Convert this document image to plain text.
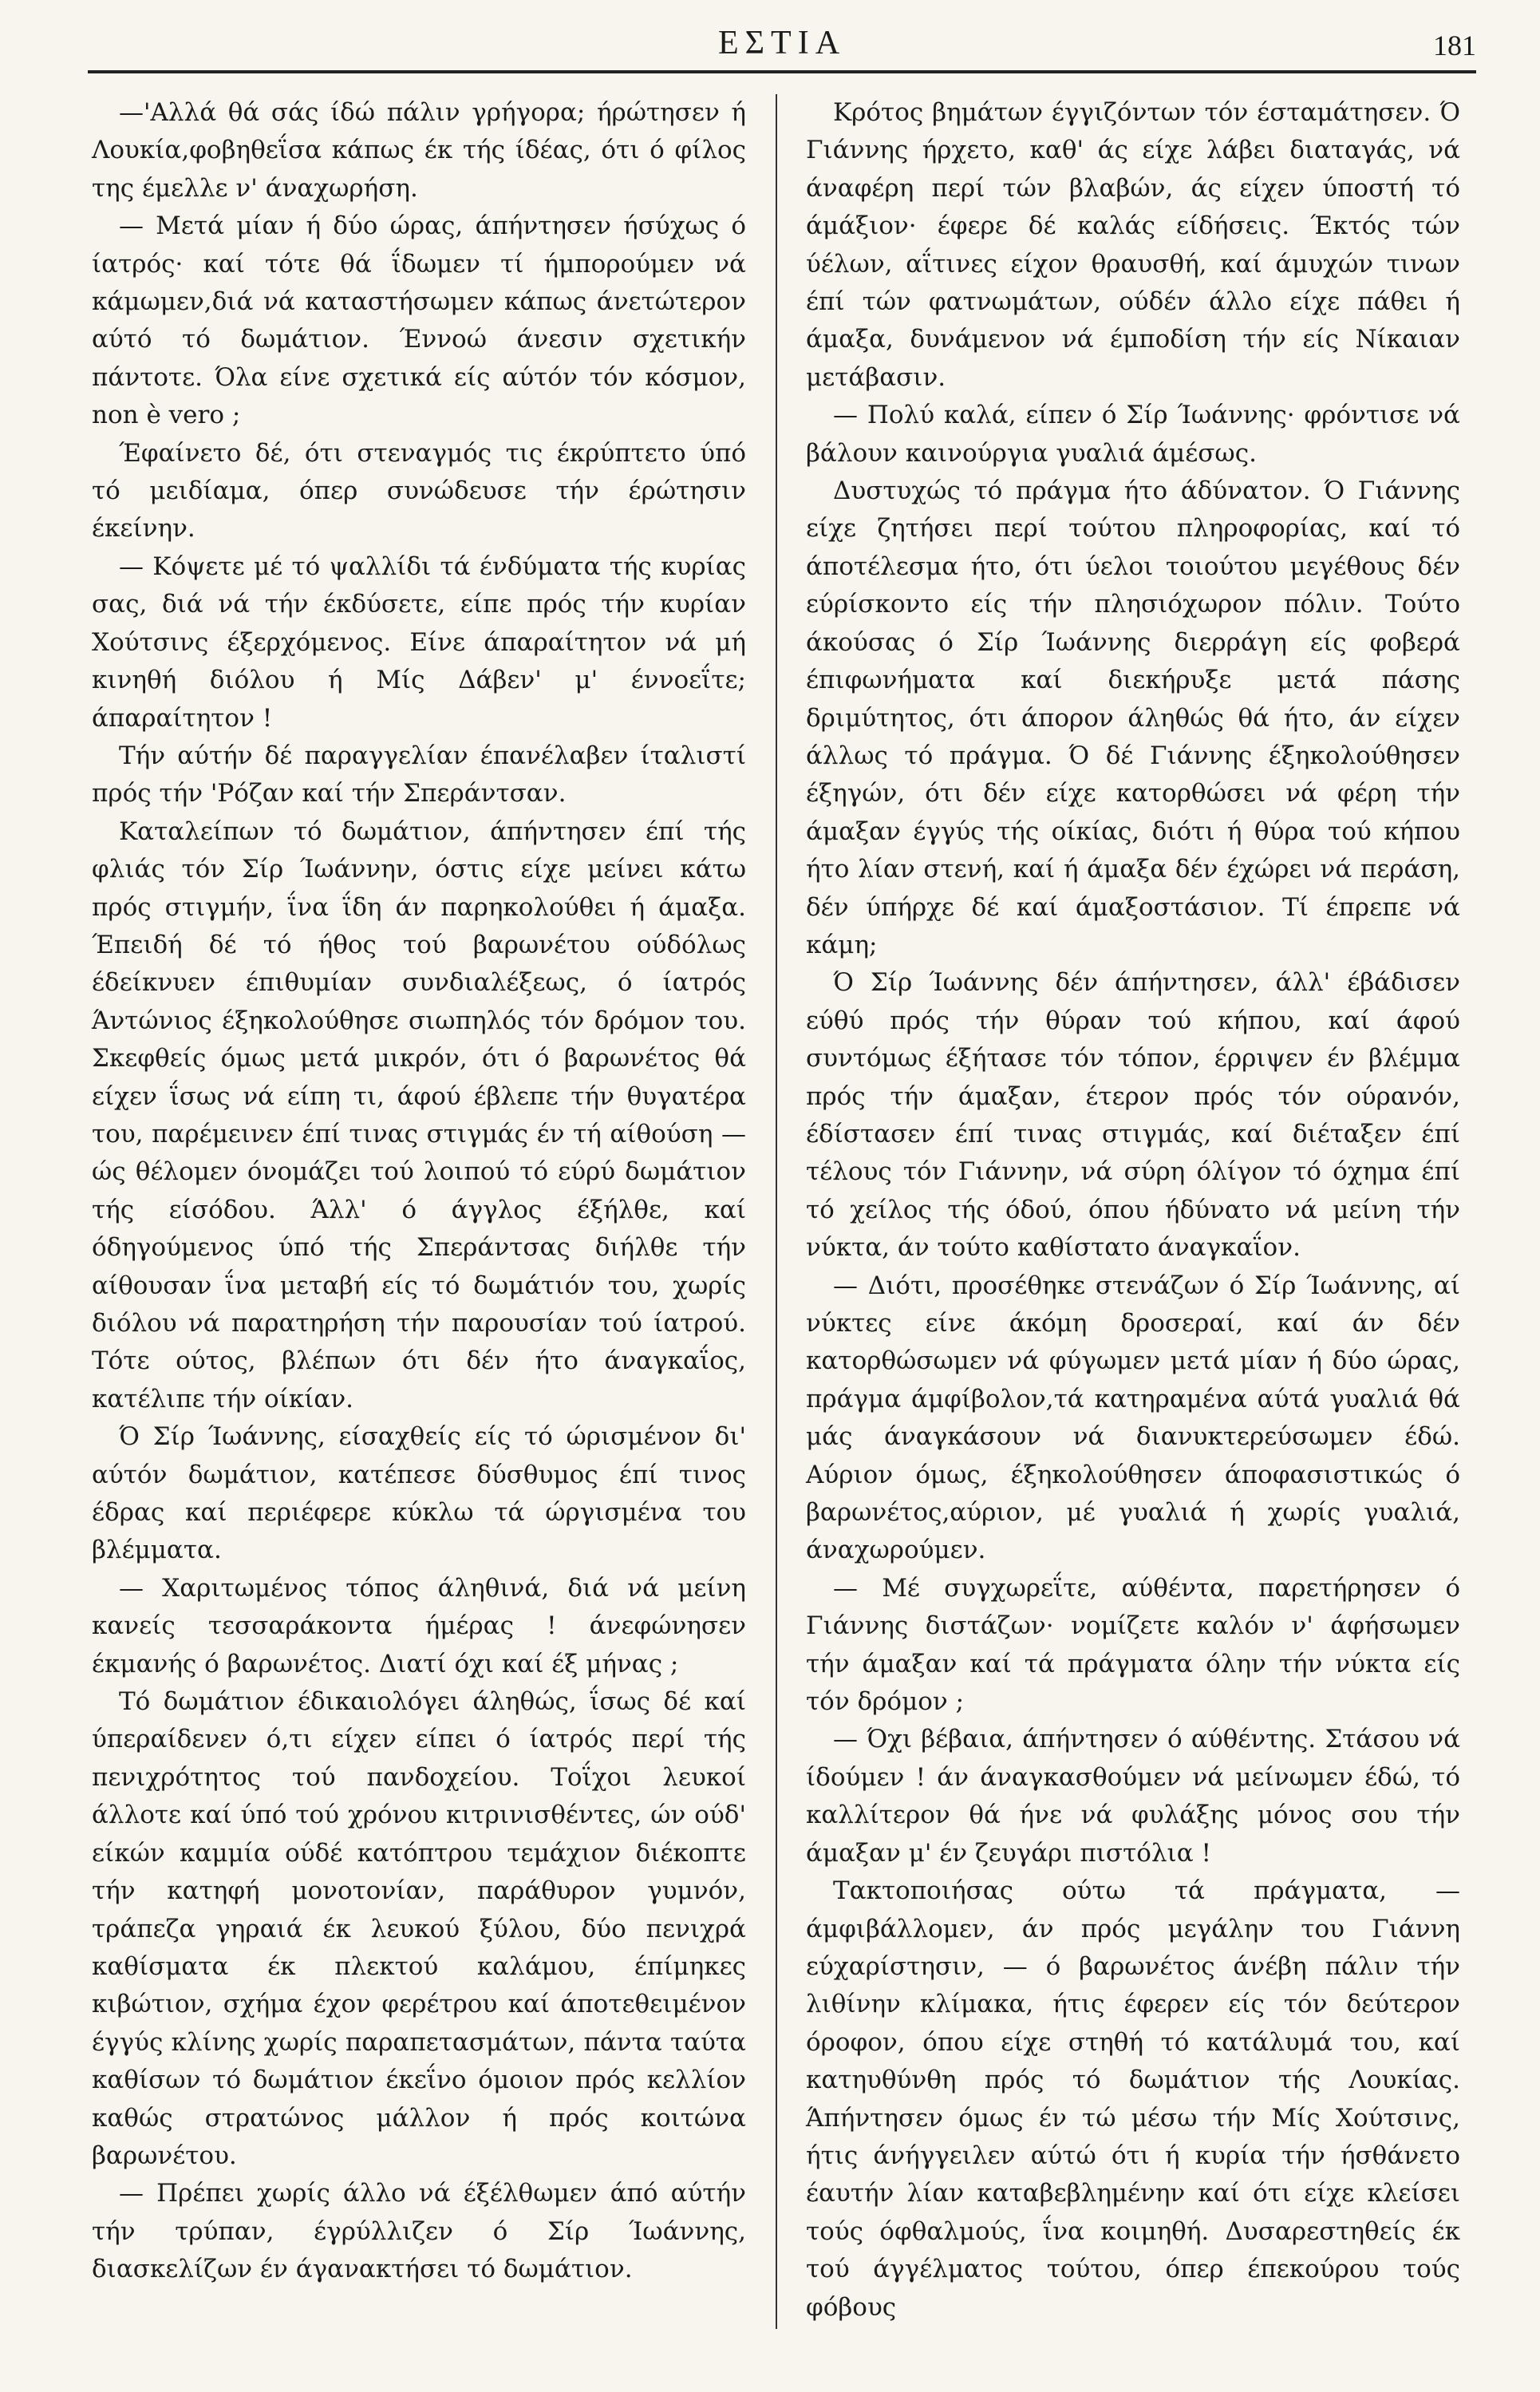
ΕΣΤΙΑ	181

—'Αλλά θά σάς ίδώ πάλιν γρήγορα; ήρώτησεν ή Λουκία,φοβηθεΐσα κάπως έκ τής ίδέας, ότι ό φίλος της έμελλε ν' άναχωρήση.

— Μετά μίαν ή δύο ώρας, άπήντησεν ήσύχως ό ίατρός· καί τότε θά ΐδωμεν τί ήμπορούμεν νά κάμωμεν,διά νά καταστήσωμεν κάπως άνετώτερον αύτό τό δωμάτιον. Έννοώ άνεσιν σχετικήν πάντοτε. Όλα είνε σχετικά είς αύτόν τόν κόσμον, non è vero ;

Έφαίνετο δέ, ότι στεναγμός τις έκρύπτετο ύπό τό μειδίαμα, όπερ συνώδευσε τήν έρώτησιν έκείνην.

— Κόψετε μέ τό ψαλλίδι τά ένδύματα τής κυρίας σας, διά νά τήν έκδύσετε, είπε πρός τήν κυρίαν Χούτσινς έξερχόμενος. Είνε άπαραίτητον νά μή κινηθή διόλου ή Μίς Δάβεν' μ' έννοεΐτε; άπαραίτητον !

Τήν αύτήν δέ παραγγελίαν έπανέλαβεν ίταλιστί πρός τήν 'Ρόζαν καί τήν Σπεράντσαν.

Καταλείπων τό δωμάτιον, άπήντησεν έπί τής φλιάς τόν Σίρ Ίωάννην, όστις είχε μείνει κάτω πρός στιγμήν, ΐνα ΐδη άν παρηκολούθει ή άμαξα. Έπειδή δέ τό ήθος τού βαρωνέτου ούδόλως έδείκνυεν έπιθυμίαν συνδιαλέξεως, ό ίατρός Άντώνιος έξηκολούθησε σιωπηλός τόν δρόμον του. Σκεφθείς όμως μετά μικρόν, ότι ό βαρωνέτος θά είχεν ΐσως νά είπη τι, άφού έβλεπε τήν θυγατέρα του, παρέμεινεν έπί τινας στιγμάς έν τή αίθούση — ώς θέλομεν όνομάζει τού λοιπού τό εύρύ δωμάτιον τής είσόδου. Άλλ' ό άγγλος έξήλθε, καί όδηγούμενος ύπό τής Σπεράντσας διήλθε τήν αίθουσαν ΐνα μεταβή είς τό δωμάτιόν του, χωρίς διόλου νά παρατηρήση τήν παρουσίαν τού ίατρού. Τότε ούτος, βλέπων ότι δέν ήτο άναγκαΐος, κατέλιπε τήν οίκίαν.

Ό Σίρ Ίωάννης, είσαχθείς είς τό ώρισμένον δι' αύτόν δωμάτιον, κατέπεσε δύσθυμος έπί τινος έδρας καί περιέφερε κύκλω τά ώργισμένα του βλέμματα.

— Χαριτωμένος τόπος άληθινά, διά νά μείνη κανείς τεσσαράκοντα ήμέρας ! άνεφώνησεν έκμανής ό βαρωνέτος. Διατί όχι καί έξ μήνας ;

Τό δωμάτιον έδικαιολόγει άληθώς, ΐσως δέ καί ύπεραίδενεν ό,τι είχεν είπει ό ίατρός περί τής πενιχρότητος τού πανδοχείου. Τοΐχοι λευκοί άλλοτε καί ύπό τού χρόνου κιτρινισθέντες, ών ούδ' είκών καμμία ούδέ κατόπτρου τεμάχιον διέκοπτε τήν κατηφή μονοτονίαν, παράθυρον γυμνόν, τράπεζα γηραιά έκ λευκού ξύλου, δύο πενιχρά καθίσματα έκ πλεκτού καλάμου, έπίμηκες κιβώτιον, σχήμα έχον φερέτρου καί άποτεθειμένον έγγύς κλίνης χωρίς παραπετασμάτων, πάντα ταύτα καθίσων τό δωμάτιον έκεΐνο όμοιον πρός κελλίον καθώς στρατώνος μάλλον ή πρός κοιτώνα βαρωνέτου.

— Πρέπει χωρίς άλλο νά έξέλθωμεν άπό αύτήν τήν τρύπαν, έγρύλλιζεν ό Σίρ Ίωάννης, διασκελίζων έν άγανακτήσει τό δωμάτιον.

Κρότος βημάτων έγγιζόντων τόν έσταμάτησεν. Ό Γιάννης ήρχετο, καθ' άς είχε λάβει διαταγάς, νά άναφέρη περί τών βλαβών, άς είχεν ύποστή τό άμάξιον· έφερε δέ καλάς είδήσεις. Έκτός τών ύέλων, αΐτινες είχον θραυσθή, καί άμυχών τινων έπί τών φατνωμάτων, ούδέν άλλο είχε πάθει ή άμαξα, δυνάμενον νά έμποδίση τήν είς Νίκαιαν μετάβασιν.

— Πολύ καλά, είπεν ό Σίρ Ίωάννης· φρόντισε νά βάλουν καινούργια γυαλιά άμέσως.

Δυστυχώς τό πράγμα ήτο άδύνατον. Ό Γιάννης είχε ζητήσει περί τούτου πληροφορίας, καί τό άποτέλεσμα ήτο, ότι ύελοι τοιούτου μεγέθους δέν εύρίσκοντο είς τήν πλησιόχωρον πόλιν. Τούτο άκούσας ό Σίρ Ίωάννης διερράγη είς φοβερά έπιφωνήματα καί διεκήρυξε μετά πάσης δριμύτητος, ότι άπορον άληθώς θά ήτο, άν είχεν άλλως τό πράγμα. Ό δέ Γιάννης έξηκολούθησεν έξηγών, ότι δέν είχε κατορθώσει νά φέρη τήν άμαξαν έγγύς τής οίκίας, διότι ή θύρα τού κήπου ήτο λίαν στενή, καί ή άμαξα δέν έχώρει νά περάση, δέν ύπήρχε δέ καί άμαξοστάσιον. Τί έπρεπε νά κάμη;

Ό Σίρ Ίωάννης δέν άπήντησεν, άλλ' έβάδισεν εύθύ πρός τήν θύραν τού κήπου, καί άφού συντόμως έξήτασε τόν τόπον, έρριψεν έν βλέμμα πρός τήν άμαξαν, έτερον πρός τόν ούρανόν, έδίστασεν έπί τινας στιγμάς, καί διέταξεν έπί τέλους τόν Γιάννην, νά σύρη όλίγον τό όχημα έπί τό χείλος τής όδού, όπου ήδύνατο νά μείνη τήν νύκτα, άν τούτο καθίστατο άναγκαΐον.

— Διότι, προσέθηκε στενάζων ό Σίρ Ίωάννης, αί νύκτες είνε άκόμη δροσεραί, καί άν δέν κατορθώσωμεν νά φύγωμεν μετά μίαν ή δύο ώρας, πράγμα άμφίβολον,τά κατηραμένα αύτά γυαλιά θά μάς άναγκάσουν νά διανυκτερεύσωμεν έδώ. Αύριον όμως, έξηκολούθησεν άποφασιστικώς ό βαρωνέτος,αύριον, μέ γυαλιά ή χωρίς γυαλιά, άναχωρούμεν.

— Μέ συγχωρεΐτε, αύθέντα, παρετήρησεν ό Γιάννης διστάζων· νομίζετε καλόν ν' άφήσωμεν τήν άμαξαν καί τά πράγματα όλην τήν νύκτα είς τόν δρόμον ;

— Όχι βέβαια, άπήντησεν ό αύθέντης. Στάσου νά ίδούμεν ! άν άναγκασθούμεν νά μείνωμεν έδώ, τό καλλίτερον θά ήνε νά φυλάξης μόνος σου τήν άμαξαν μ' έν ζευγάρι πιστόλια !

Τακτοποιήσας ούτω τά πράγματα, — άμφιβάλλομεν, άν πρός μεγάλην του Γιάννη εύχαρίστησιν, — ό βαρωνέτος άνέβη πάλιν τήν λιθίνην κλίμακα, ήτις έφερεν είς τόν δεύτερον όροφον, όπου είχε στηθή τό κατάλυμά του, καί κατηυθύνθη πρός τό δωμάτιον τής Λουκίας. Άπήντησεν όμως έν τώ μέσω τήν Μίς Χούτσινς, ήτις άνήγγειλεν αύτώ ότι ή κυρία τήν ήσθάνετο έαυτήν λίαν καταβεβλημένην καί ότι είχε κλείσει τούς όφθαλμούς, ΐνα κοιμηθή. Δυσαρεστηθείς έκ τού άγγέλματος τούτου, όπερ έπεκούρου τούς φόβους
